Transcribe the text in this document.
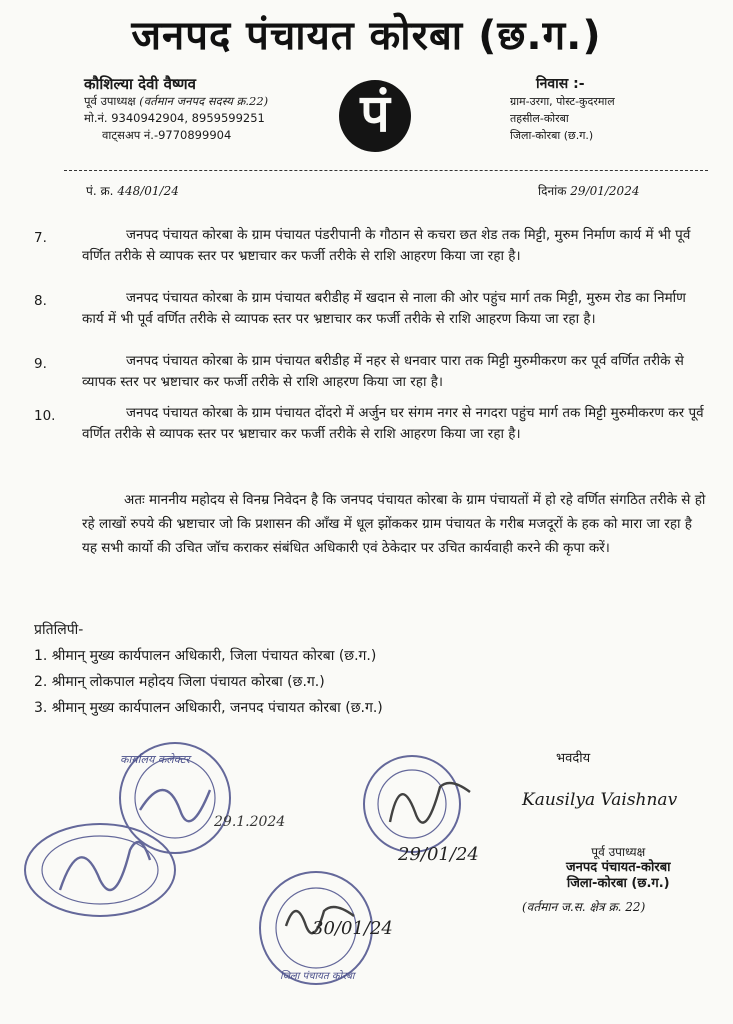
जनपद पंचायत कोरबा (छ.ग.)
कौशिल्या देवी वैष्णव
पूर्व उपाध्यक्ष (वर्तमान जनपद सदस्य क्र.22)
मो.नं. 9340942904, 8959599251
वाट्सअप नं.-9770899904	पं	निवास :-
ग्राम-उरगा, पोस्ट-कुदरमाल
तहसील-कोरबा
जिला-कोरबा (छ.ग.)
पं. क्र. 448/01/24	दिनांक 29/01/2024
7.	जनपद पंचायत कोरबा के ग्राम पंचायत पंडरीपानी के गौठान से कचरा छत शेड तक मिट्टी, मुरुम निर्माण कार्य में भी पूर्व वर्णित तरीके से व्यापक स्तर पर भ्रष्टाचार कर फर्जी तरीके से राशि आहरण किया जा रहा है।
8.	जनपद पंचायत कोरबा के ग्राम पंचायत बरीडीह में खदान से नाला की ओर पहुंच मार्ग तक मिट्टी, मुरुम रोड का निर्माण कार्य में भी पूर्व वर्णित तरीके से व्यापक स्तर पर भ्रष्टाचार कर फर्जी तरीके से राशि आहरण किया जा रहा है।
9.	जनपद पंचायत कोरबा के ग्राम पंचायत बरीडीह में नहर से धनवार पारा तक मिट्टी मुरुमीकरण कर पूर्व वर्णित तरीके से व्यापक स्तर पर भ्रष्टाचार कर फर्जी तरीके से राशि आहरण किया जा रहा है।
10.	जनपद पंचायत कोरबा के ग्राम पंचायत दोंदरो में अर्जुन घर संगम नगर से नगदरा पहुंच मार्ग तक मिट्टी मुरुमीकरण कर पूर्व वर्णित तरीके से व्यापक स्तर पर भ्रष्टाचार कर फर्जी तरीके से राशि आहरण किया जा रहा है।
अतः माननीय महोदय से विनम्र निवेदन है कि जनपद पंचायत कोरबा के ग्राम पंचायतों में हो रहे वर्णित संगठित तरीके से हो रहे लाखों रुपये की भ्रष्टाचार जो कि प्रशासन की आँख में धूल झोंककर ग्राम पंचायत के गरीब मजदूरों के हक को मारा जा रहा है यह सभी कार्यो की उचित जॉच कराकर संबंधित अधिकारी एवं ठेकेदार पर उचित कार्यवाही करने की कृपा करें।
प्रतिलिपी-
1. श्रीमान् मुख्य कार्यपालन अधिकारी, जिला पंचायत कोरबा (छ.ग.)
2. श्रीमान् लोकपाल महोदय जिला पंचायत कोरबा (छ.ग.)
3. श्रीमान् मुख्य कार्यपालन अधिकारी, जनपद पंचायत कोरबा (छ.ग.)
भवदीय
Kausilya Vaishnav
पूर्व उपाध्यक्ष
जनपद पंचायत-कोरबा
जिला-कोरबा (छ.ग.)
(वर्तमान ज.स. क्षेत्र क्र. 22)
कार्यालय कलेक्टर
29.1.2024
29/01/24
जिला पंचायत कोरबा
30/01/24
